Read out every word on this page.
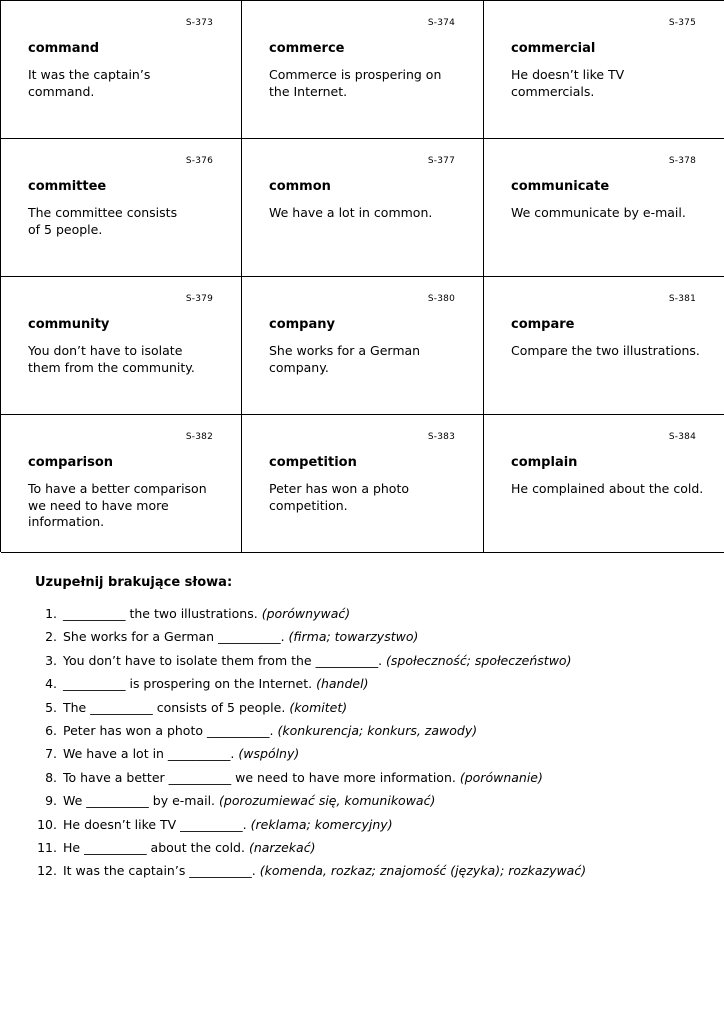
S-373
command
It was the captain’s command.
S-374
commerce
Commerce is prospering on the Internet.
S-375
commercial
He doesn’t like TV commercials.
S-376
committee
The committee consists of 5 people.
S-377
common
We have a lot in common.
S-378
communicate
We communicate by e-mail.
S-379
community
You don’t have to isolate them from the community.
S-380
company
She works for a German company.
S-381
compare
Compare the two illustrations.
S-382
comparison
To have a better comparison we need to have more information.
S-383
competition
Peter has won a photo competition.
S-384
complain
He complained about the cold.
Uzupełnij brakujące słowa:
1. __________ the two illustrations. (porównywać)
2. She works for a German __________. (firma; towarzystwo)
3. You don’t have to isolate them from the __________. (społeczność; społeczeństwo)
4. __________ is prospering on the Internet. (handel)
5. The __________ consists of 5 people. (komitet)
6. Peter has won a photo __________. (konkurencja; konkurs, zawody)
7. We have a lot in __________. (wspólny)
8. To have a better __________ we need to have more information. (porównanie)
9. We __________ by e-mail. (porozumiewać się, komunikować)
10. He doesn’t like TV __________. (reklama; komercyjny)
11. He __________ about the cold. (narzekać)
12. It was the captain’s __________. (komenda, rozkaz; znajomość (języka); rozkazywać)
